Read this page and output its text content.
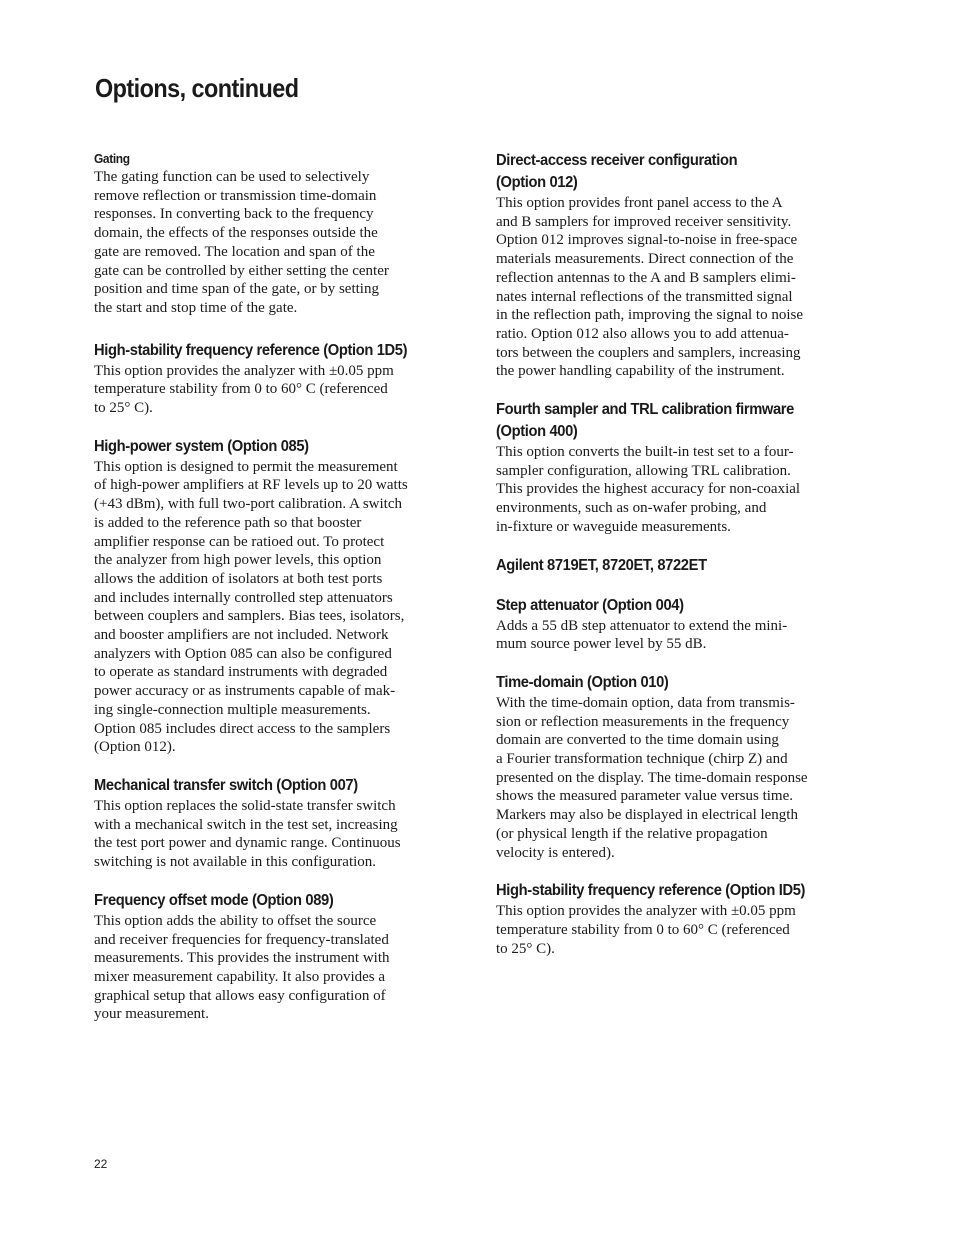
Options, continued
Gating

The gating function can be used to selectively
remove reflection or transmission time-domain
responses. In converting back to the frequency
domain, the effects of the responses outside the
gate are removed. The location and span of the
gate can be controlled by either setting the center
position and time span of the gate, or by setting
the start and stop time of the gate.

High-stability frequency reference (Option 1D5)

This option provides the analyzer with ±0.05 ppm
temperature stability from 0 to 60° C (referenced
to 25° C).

High-power system (Option 085)

This option is designed to permit the measurement
of high-power amplifiers at RF levels up to 20 watts
(+43 dBm), with full two-port calibration. A switch
is added to the reference path so that booster
amplifier response can be ratioed out. To protect
the analyzer from high power levels, this option
allows the addition of isolators at both test ports
and includes internally controlled step attenuators
between couplers and samplers. Bias tees, isolators,
and booster amplifiers are not included. Network
analyzers with Option 085 can also be configured
to operate as standard instruments with degraded
power accuracy or as instruments capable of mak-
ing single-connection multiple measurements.
Option 085 includes direct access to the samplers
(Option 012).

Mechanical transfer switch (Option 007)

This option replaces the solid-state transfer switch
with a mechanical switch in the test set, increasing
the test port power and dynamic range. Continuous
switching is not available in this configuration.

Frequency offset mode (Option 089)

This option adds the ability to offset the source
and receiver frequencies for frequency-translated
measurements. This provides the instrument with
mixer measurement capability. It also provides a
graphical setup that allows easy configuration of
your measurement.

Direct-access receiver configuration
(Option 012)

This option provides front panel access to the A
and B samplers for improved receiver sensitivity.
Option 012 improves signal-to-noise in free-space
materials measurements. Direct connection of the
reflection antennas to the A and B samplers elimi-
nates internal reflections of the transmitted signal
in the reflection path, improving the signal to noise
ratio. Option 012 also allows you to add attenua-
tors between the couplers and samplers, increasing
the power handling capability of the instrument.

Fourth sampler and TRL calibration firmware
(Option 400)

This option converts the built-in test set to a four-
sampler configuration, allowing TRL calibration.
This provides the highest accuracy for non-coaxial
environments, such as on-wafer probing, and
in-fixture or waveguide measurements.

Agilent 8719ET, 8720ET, 8722ET
Step attenuator (Option 004)

Adds a 55 dB step attenuator to extend the mini-
mum source power level by 55 dB.

Time-domain (Option 010)

With the time-domain option, data from transmis-
sion or reflection measurements in the frequency
domain are converted to the time domain using
a Fourier transformation technique (chirp Z) and
presented on the display. The time-domain response
shows the measured parameter value versus time.
Markers may also be displayed in electrical length
(or physical length if the relative propagation
velocity is entered).

High-stability frequency reference (Option ID5)

This option provides the analyzer with ±0.05 ppm
temperature stability from 0 to 60° C (referenced
to 25° C).

22
